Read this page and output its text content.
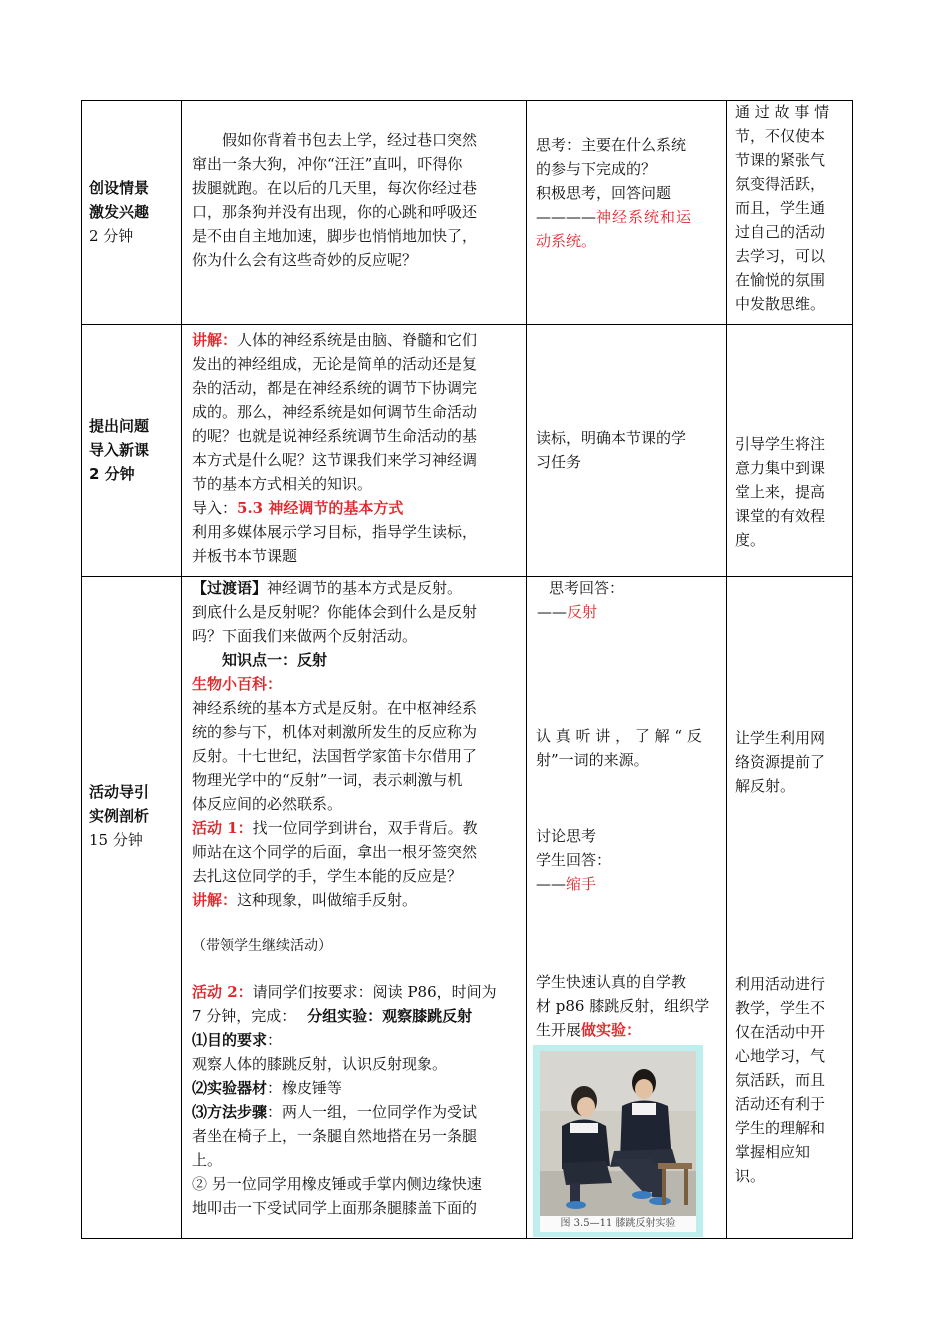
创设情景
激发兴趣
2 分钟

假如你背着书包去上学，经过巷口突然

窜出一条大狗，冲你“汪汪”直叫，吓得你

拔腿就跑。在以后的几天里，每次你经过巷

口，那条狗并没有出现，你的心跳和呼吸还

是不由自主地加速，脚步也悄悄地加快了，

你为什么会有这些奇妙的反应呢？

思考：主要在什么系统

的参与下完成的？

积极思考，回答问题

————神经系统和运

动系统。

通 过 故 事 情

节，不仅使本

节课的紧张气

氛变得活跃，

而且，学生通

过自己的活动

去学习，可以

在愉悦的氛围

中发散思维。

提出问题
导入新课
2 分钟

讲解：人体的神经系统是由脑、脊髓和它们

发出的神经组成，无论是简单的活动还是复

杂的活动，都是在神经系统的调节下协调完

成的。那么，神经系统是如何调节生命活动

的呢？也就是说神经系统调节生命活动的基

本方式是什么呢？这节课我们来学习神经调

节的基本方式相关的知识。

导入：5.3 神经调节的基本方式

利用多媒体展示学习目标，指导学生读标，

并板书本节课题

读标，明确本节课的学

习任务

引导学生将注

意力集中到课

堂上来，提高

课堂的有效程

度。

活动导引
实例剖析
15 分钟

【过渡语】神经调节的基本方式是反射。

到底什么是反射呢？你能体会到什么是反射

吗？下面我们来做两个反射活动。

知识点一：反射

生物小百科：

神经系统的基本方式是反射。在中枢神经系

统的参与下，机体对刺激所发生的反应称为

反射。十七世纪，法国哲学家笛卡尔借用了

物理光学中的“反射”一词，表示刺激与机

体反应间的必然联系。

活动 1：找一位同学到讲台，双手背后。教

师站在这个同学的后面，拿出一根牙签突然

去扎这位同学的手，学生本能的反应是？

讲解：这种现象，叫做缩手反射。

（带领学生继续活动）

活动 2：请同学们按要求：阅读 P86，时间为

7 分钟，完成： 分组实验：观察膝跳反射

⑴目的要求：

观察人体的膝跳反射，认识反射现象。

⑵实验器材：橡皮锤等

⑶方法步骤：两人一组，一位同学作为受试

者坐在椅子上，一条腿自然地搭在另一条腿

上。

② 另一位同学用橡皮锤或手掌内侧边缘快速

地叩击一下受试同学上面那条腿膝盖下面的

思考回答：

——反射

认 真 听 讲 ， 了 解 “ 反

射”一词的来源。

讨论思考

学生回答：

——缩手

学生快速认真的自学教

材 p86 膝跳反射，组织学

生开展做实验：

图 3.5—11 膝跳反射实验

让学生利用网

络资源提前了

解反射。

利用活动进行

教学，学生不

仅在活动中开

心地学习，气

氛活跃，而且

活动还有利于

学生的理解和

掌握相应知

识。
